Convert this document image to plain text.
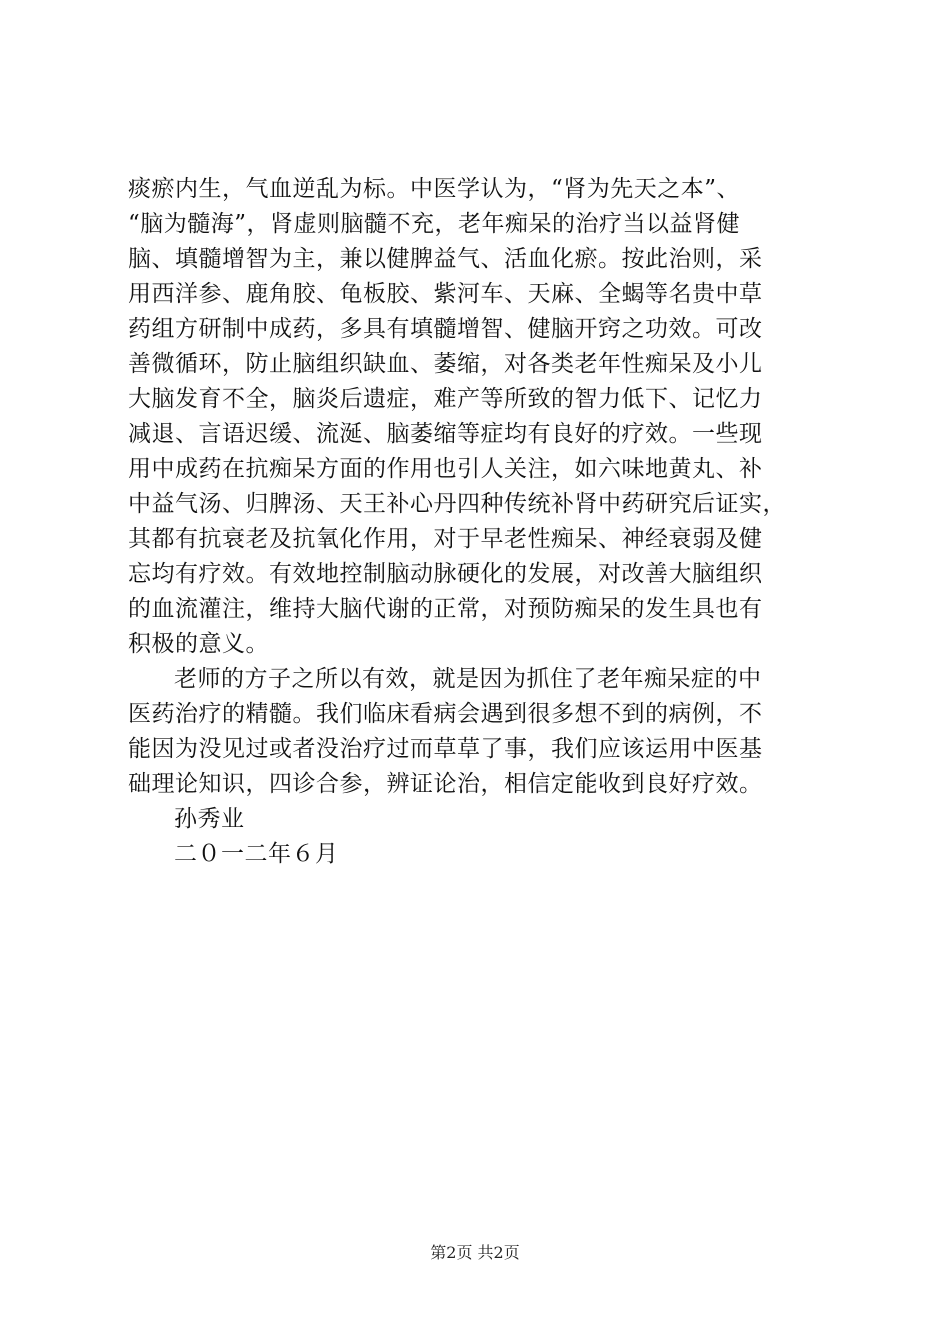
痰瘀内生，气血逆乱为标。中医学认为，“肾为先天之本”、
“脑为髓海”，肾虚则脑髓不充，老年痴呆的治疗当以益肾健
脑、填髓增智为主，兼以健脾益气、活血化瘀。按此治则，采
用西洋参、鹿角胶、龟板胶、紫河车、天麻、全蝎等名贵中草
药组方研制中成药，多具有填髓增智、健脑开窍之功效。可改
善微循环，防止脑组织缺血、萎缩，对各类老年性痴呆及小儿
大脑发育不全，脑炎后遗症，难产等所致的智力低下、记忆力
减退、言语迟缓、流涎、脑萎缩等症均有良好的疗效。一些现
用中成药在抗痴呆方面的作用也引人关注，如六味地黄丸、补
中益气汤、归脾汤、天王补心丹四种传统补肾中药研究后证实，
其都有抗衰老及抗氧化作用，对于早老性痴呆、神经衰弱及健
忘均有疗效。有效地控制脑动脉硬化的发展，对改善大脑组织
的血流灌注，维持大脑代谢的正常，对预防痴呆的发生具也有
积极的意义。
老师的方子之所以有效，就是因为抓住了老年痴呆症的中
医药治疗的精髓。我们临床看病会遇到很多想不到的病例，不
能因为没见过或者没治疗过而草草了事，我们应该运用中医基
础理论知识，四诊合参，辨证论治，相信定能收到良好疗效。
孙秀业
二０一二年６月
第2页 共2页
